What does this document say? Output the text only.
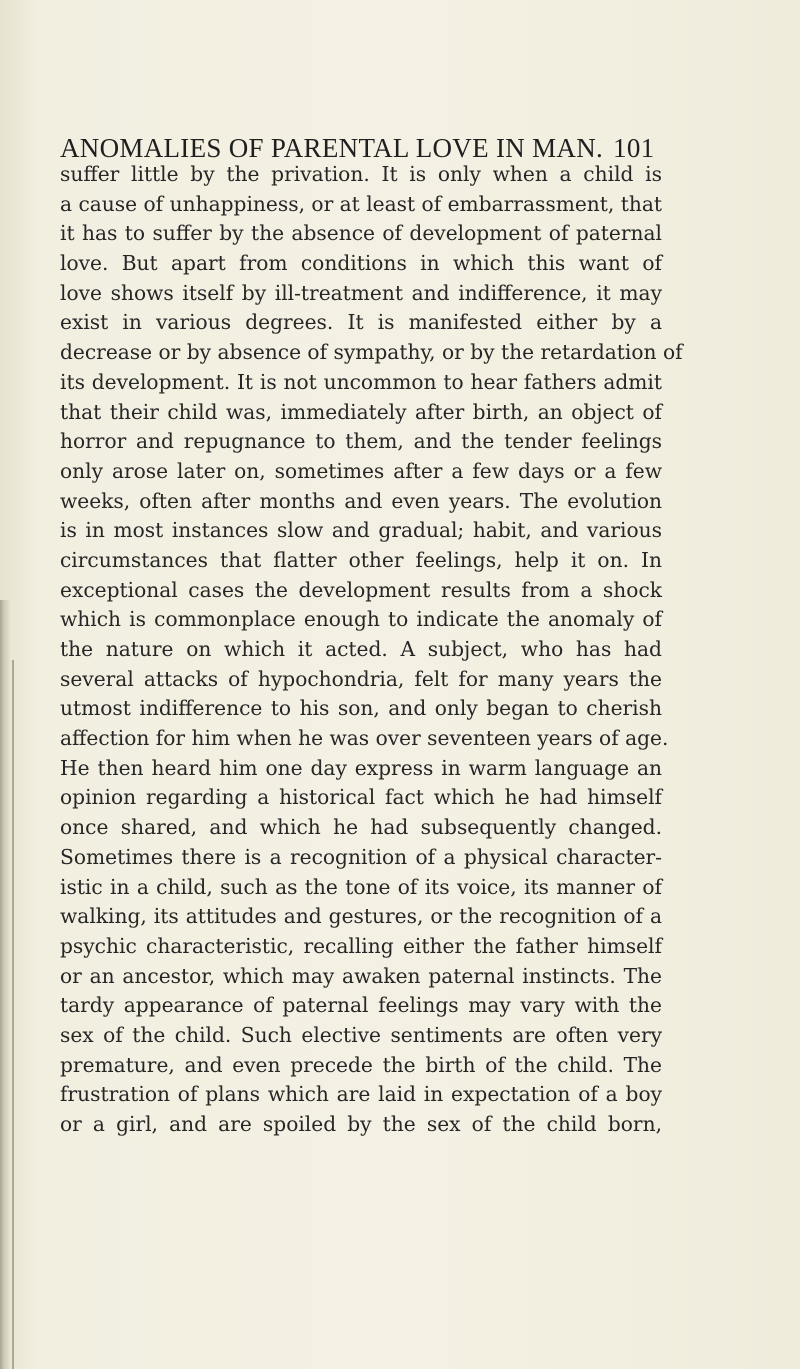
ANOMALIES OF PARENTAL LOVE IN MAN. 101
suffer little by the privation. It is only when a child is
a cause of unhappiness, or at least of embarrassment, that
it has to suffer by the absence of development of paternal
love. But apart from conditions in which this want of
love shows itself by ill-treatment and indifference, it may
exist in various degrees. It is manifested either by a
decrease or by absence of sympathy, or by the retardation of
its development. It is not uncommon to hear fathers admit
that their child was, immediately after birth, an object of
horror and repugnance to them, and the tender feelings
only arose later on, sometimes after a few days or a few
weeks, often after months and even years. The evolution
is in most instances slow and gradual; habit, and various
circumstances that flatter other feelings, help it on. In
exceptional cases the development results from a shock
which is commonplace enough to indicate the anomaly of
the nature on which it acted. A subject, who has had
several attacks of hypochondria, felt for many years the
utmost indifference to his son, and only began to cherish
affection for him when he was over seventeen years of age.
He then heard him one day express in warm language an
opinion regarding a historical fact which he had himself
once shared, and which he had subsequently changed.
Sometimes there is a recognition of a physical character-
istic in a child, such as the tone of its voice, its manner of
walking, its attitudes and gestures, or the recognition of a
psychic characteristic, recalling either the father himself
or an ancestor, which may awaken paternal instincts. The
tardy appearance of paternal feelings may vary with the
sex of the child. Such elective sentiments are often very
premature, and even precede the birth of the child. The
frustration of plans which are laid in expectation of a boy
or a girl, and are spoiled by the sex of the child born,
